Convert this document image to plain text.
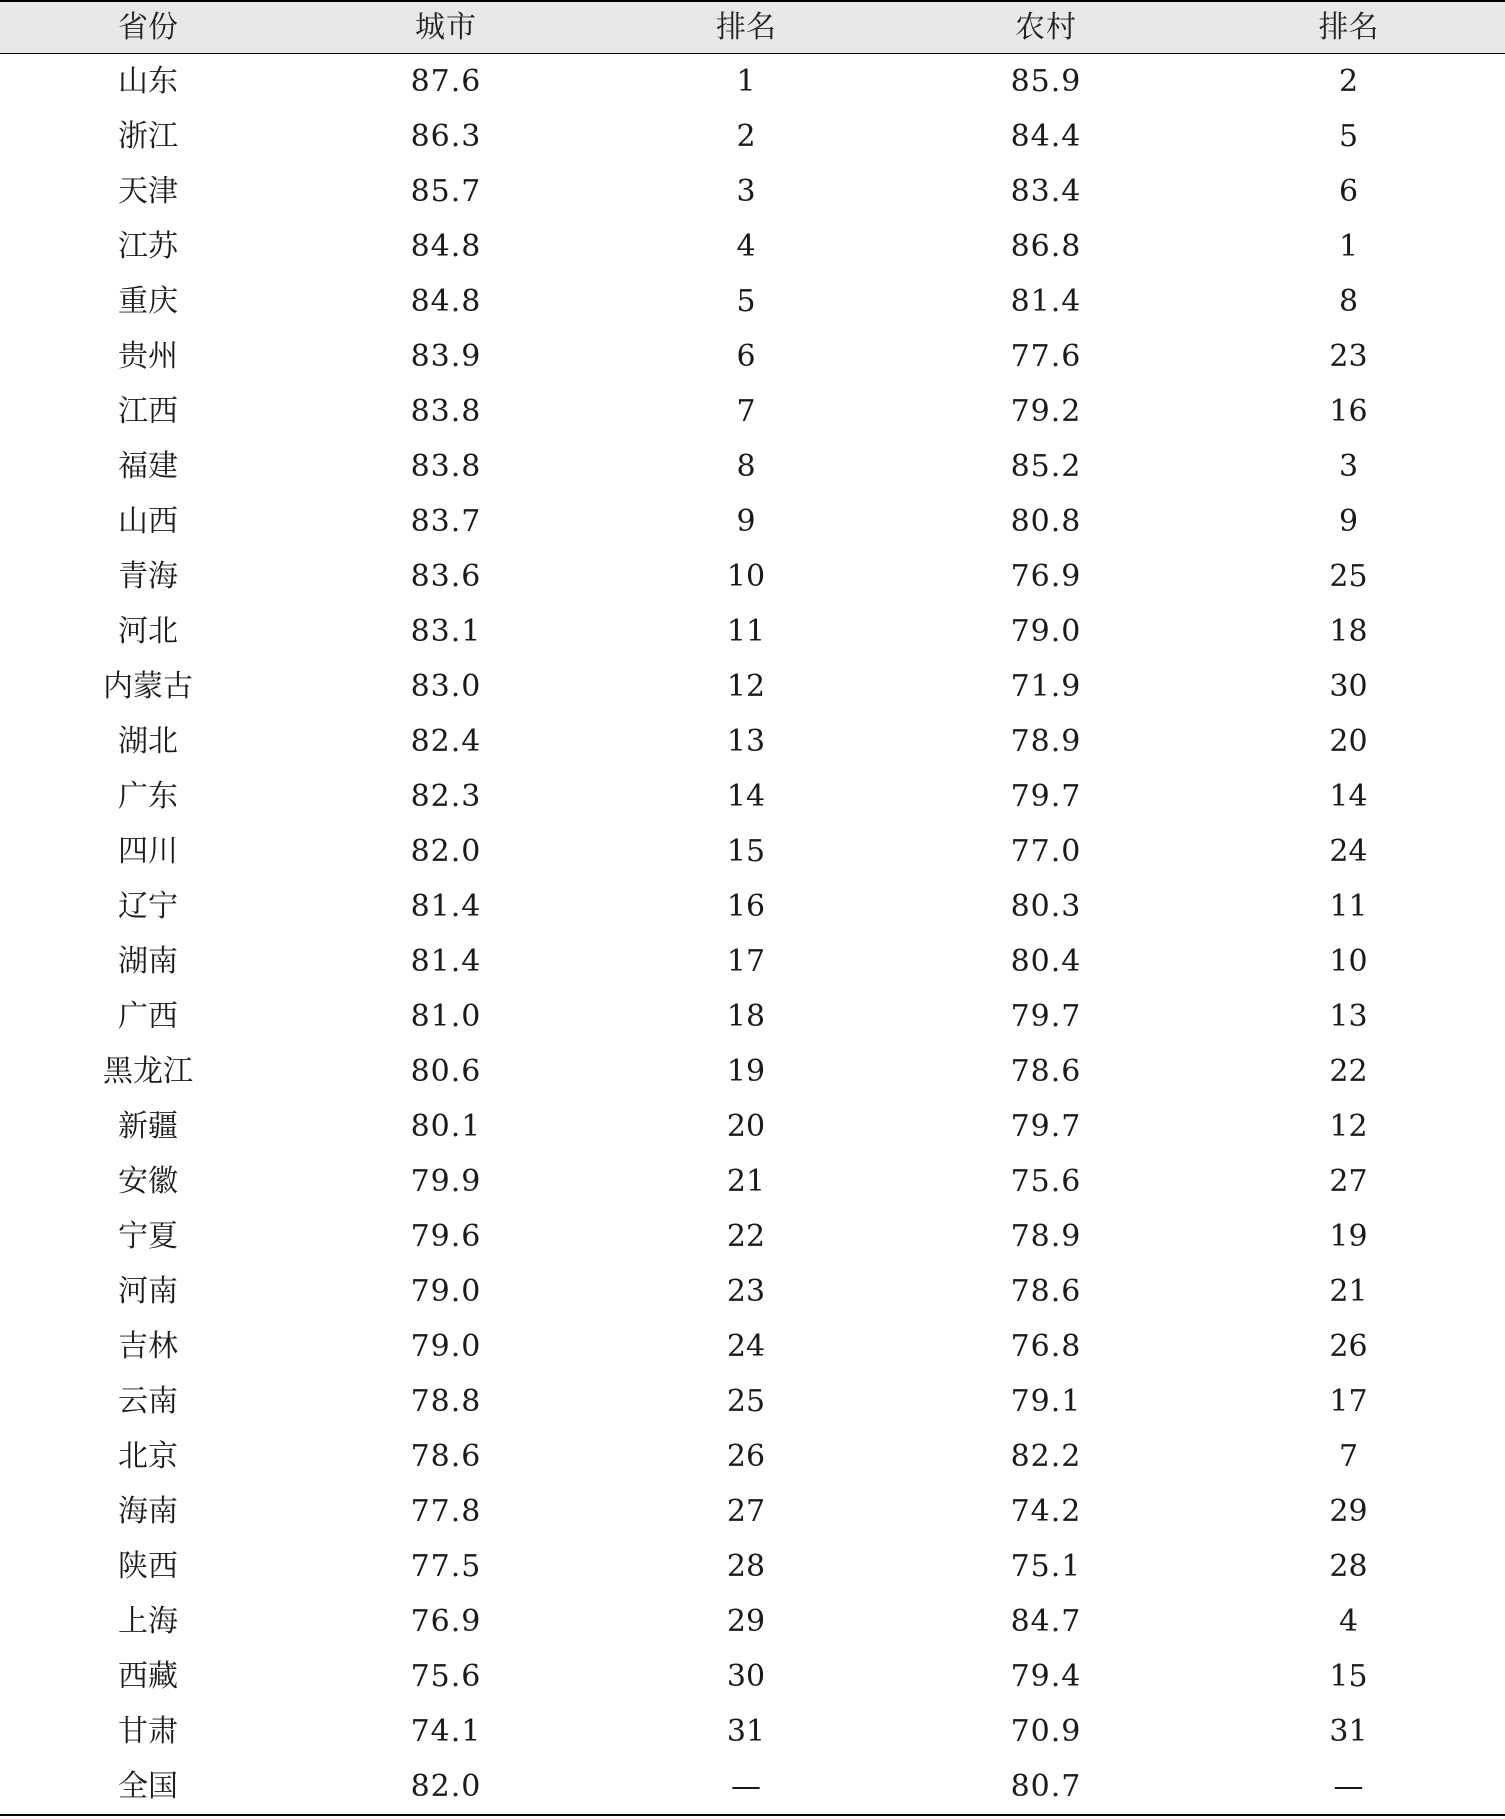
省份	城市	排名	农村	排名
山东	87.6	1	85.9	2
浙江	86.3	2	84.4	5
天津	85.7	3	83.4	6
江苏	84.8	4	86.8	1
重庆	84.8	5	81.4	8
贵州	83.9	6	77.6	23
江西	83.8	7	79.2	16
福建	83.8	8	85.2	3
山西	83.7	9	80.8	9
青海	83.6	10	76.9	25
河北	83.1	11	79.0	18
内蒙古	83.0	12	71.9	30
湖北	82.4	13	78.9	20
广东	82.3	14	79.7	14
四川	82.0	15	77.0	24
辽宁	81.4	16	80.3	11
湖南	81.4	17	80.4	10
广西	81.0	18	79.7	13
黑龙江	80.6	19	78.6	22
新疆	80.1	20	79.7	12
安徽	79.9	21	75.6	27
宁夏	79.6	22	78.9	19
河南	79.0	23	78.6	21
吉林	79.0	24	76.8	26
云南	78.8	25	79.1	17
北京	78.6	26	82.2	7
海南	77.8	27	74.2	29
陕西	77.5	28	75.1	28
上海	76.9	29	84.7	4
西藏	75.6	30	79.4	15
甘肃	74.1	31	70.9	31
全国	82.0	—	80.7	—
